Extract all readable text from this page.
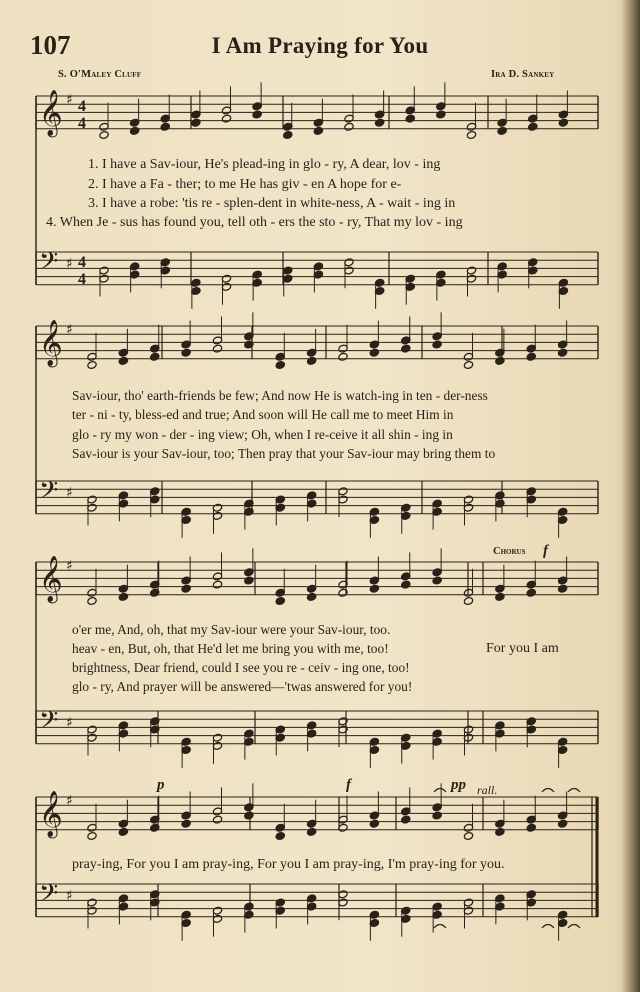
107	I Am Praying for You
S. O'Maley Cluff	Ira D. Sankey
𝄞 ♯ 4
4
𝄢 ♯ 4
4
𝄞 ♯
𝄢 ♯
𝄞 ♯
𝄢 ♯
𝄞 ♯
𝄢 ♯
1. I have a Sav-iour, He's plead-ing in glo - ry, A dear, lov - ing
2. I have a Fa - ther; to me He has giv - en A hope for e-
3. I have a robe: 'tis re - splen-dent in white-ness, A - wait - ing in
4. When Je - sus has found you, tell oth - ers the sto - ry, That my lov - ing
Sav-iour, tho' earth-friends be few; And now He is watch-ing in ten - der-ness
ter - ni - ty, bless-ed and true; And soon will He call me to meet Him in
glo - ry my won - der - ing view; Oh, when I re-ceive it all shin - ing in
Sav-iour is your Sav-iour, too; Then pray that your Sav-iour may bring them to
Chorus f
o'er me, And, oh, that my Sav-iour were your Sav-iour, too.
heav - en, But, oh, that He'd let me bring you with me, too!
brightness, Dear friend, could I see you re - ceiv - ing one, too!
glo - ry, And prayer will be answered—'twas answered for you!
For you I am
p	f	pp rall.
pray-ing, For you I am pray-ing, For you I am pray-ing, I'm pray-ing for you.
